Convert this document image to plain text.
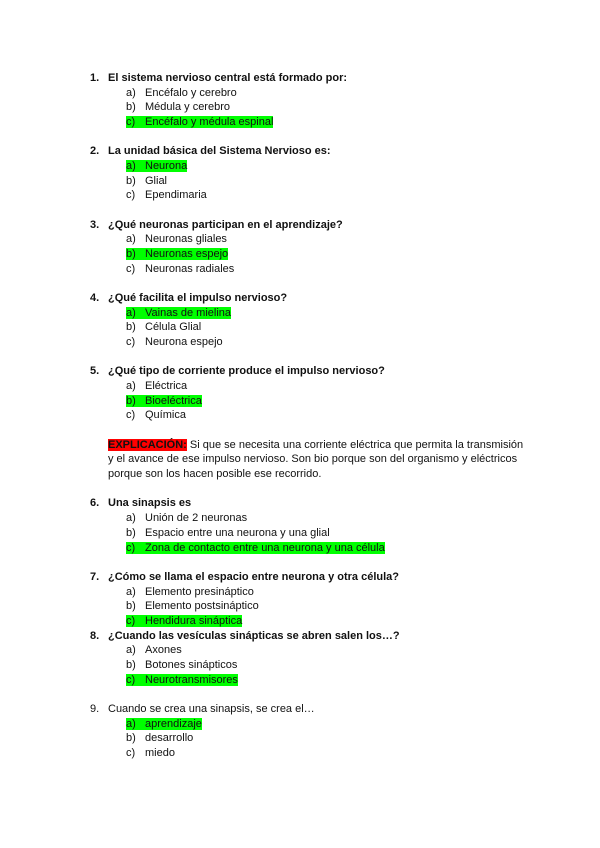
1. El sistema nervioso central está formado por:
a) Encéfalo y cerebro
b) Médula y cerebro
c) Encéfalo y médula espinal
2. La unidad básica del Sistema Nervioso es:
a) Neurona
b) Glial
c) Ependimaria
3. ¿Qué neuronas participan en el aprendizaje?
a) Neuronas gliales
b) Neuronas espejo
c) Neuronas radiales
4. ¿Qué facilita el impulso nervioso?
a) Vainas de mielina
b) Célula Glial
c) Neurona espejo
5. ¿Qué tipo de corriente produce el impulso nervioso?
a) Eléctrica
b) Bioeléctrica
c) Química
EXPLICACIÓN: Si que se necesita una corriente eléctrica que permita la transmisión
y el avance de ese impulso nervioso. Son bio porque son del organismo y eléctricos
porque son los hacen posible ese recorrido.
6. Una sinapsis es
a) Unión de 2 neuronas
b) Espacio entre una neurona y una glial
c) Zona de contacto entre una neurona y una célula
7. ¿Cómo se llama el espacio entre neurona y otra célula?
a) Elemento presináptico
b) Elemento postsináptico
c) Hendidura sináptica
8. ¿Cuando las vesículas sinápticas se abren salen los…?
a) Axones
b) Botones sinápticos
c) Neurotransmisores
9. Cuando se crea una sinapsis, se crea el…
a) aprendizaje
b) desarrollo
c) miedo
